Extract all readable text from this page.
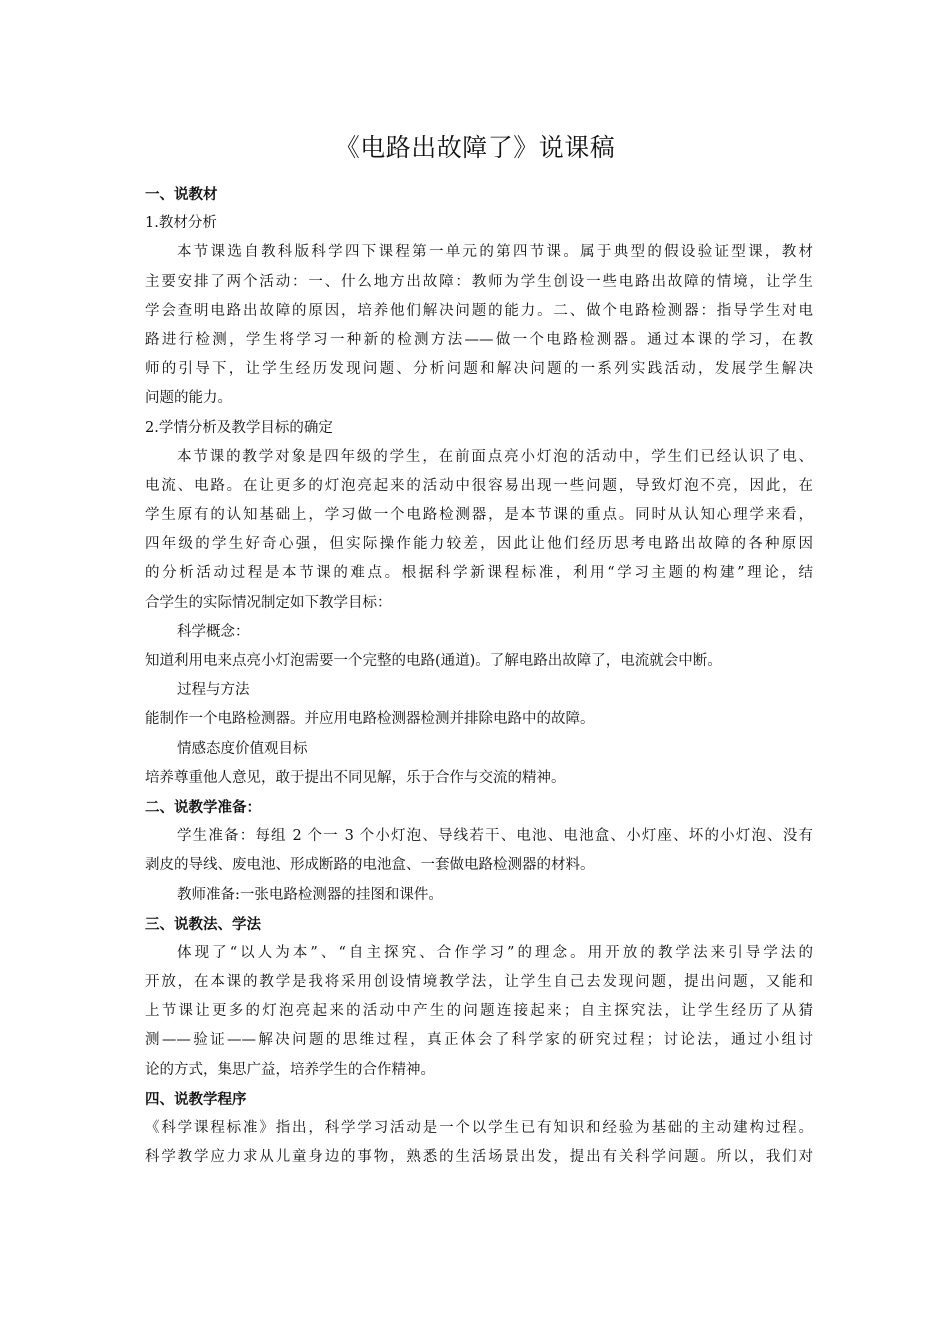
《电路出故障了》说课稿
一、说教材
1.教材分析
本节课选自教科版科学四下课程第一单元的第四节课。属于典型的假设验证型课，教材
主要安排了两个活动：一、什么地方出故障：教师为学生创设一些电路出故障的情境，让学生
学会查明电路出故障的原因，培养他们解决问题的能力。二、做个电路检测器：指导学生对电
路进行检测，学生将学习一种新的检测方法——做一个电路检测器。通过本课的学习，在教
师的引导下，让学生经历发现问题、分析问题和解决问题的一系列实践活动，发展学生解决
问题的能力。
2.学情分析及教学目标的确定
本节课的教学对象是四年级的学生，在前面点亮小灯泡的活动中，学生们已经认识了电、
电流、电路。在让更多的灯泡亮起来的活动中很容易出现一些问题，导致灯泡不亮，因此，在
学生原有的认知基础上，学习做一个电路检测器，是本节课的重点。同时从认知心理学来看，
四年级的学生好奇心强，但实际操作能力较差，因此让他们经历思考电路出故障的各种原因
的分析活动过程是本节课的难点。根据科学新课程标准，利用“学习主题的构建”理论，结
合学生的实际情况制定如下教学目标：
科学概念：
知道利用电来点亮小灯泡需要一个完整的电路(通道)。了解电路出故障了，电流就会中断。
过程与方法
能制作一个电路检测器。并应用电路检测器检测并排除电路中的故障。
情感态度价值观目标
培养尊重他人意见，敢于提出不同见解，乐于合作与交流的精神。
二、说教学准备：
学生准备：每组 2 个一 3 个小灯泡、导线若干、电池、电池盒、小灯座、坏的小灯泡、没有
剥皮的导线、废电池、形成断路的电池盒、一套做电路检测器的材料。
教师准备:一张电路检测器的挂图和课件。
三、说教法、学法
体现了“以人为本”、“自主探究、合作学习”的理念。用开放的教学法来引导学法的
开放，在本课的教学是我将采用创设情境教学法，让学生自己去发现问题，提出问题，又能和
上节课让更多的灯泡亮起来的活动中产生的问题连接起来；自主探究法，让学生经历了从猜
测——验证——解决问题的思维过程，真正体会了科学家的研究过程；讨论法，通过小组讨
论的方式，集思广益，培养学生的合作精神。
四、说教学程序
《科学课程标准》指出，科学学习活动是一个以学生已有知识和经验为基础的主动建构过程。
科学教学应力求从儿童身边的事物，熟悉的生活场景出发，提出有关科学问题。所以，我们对
